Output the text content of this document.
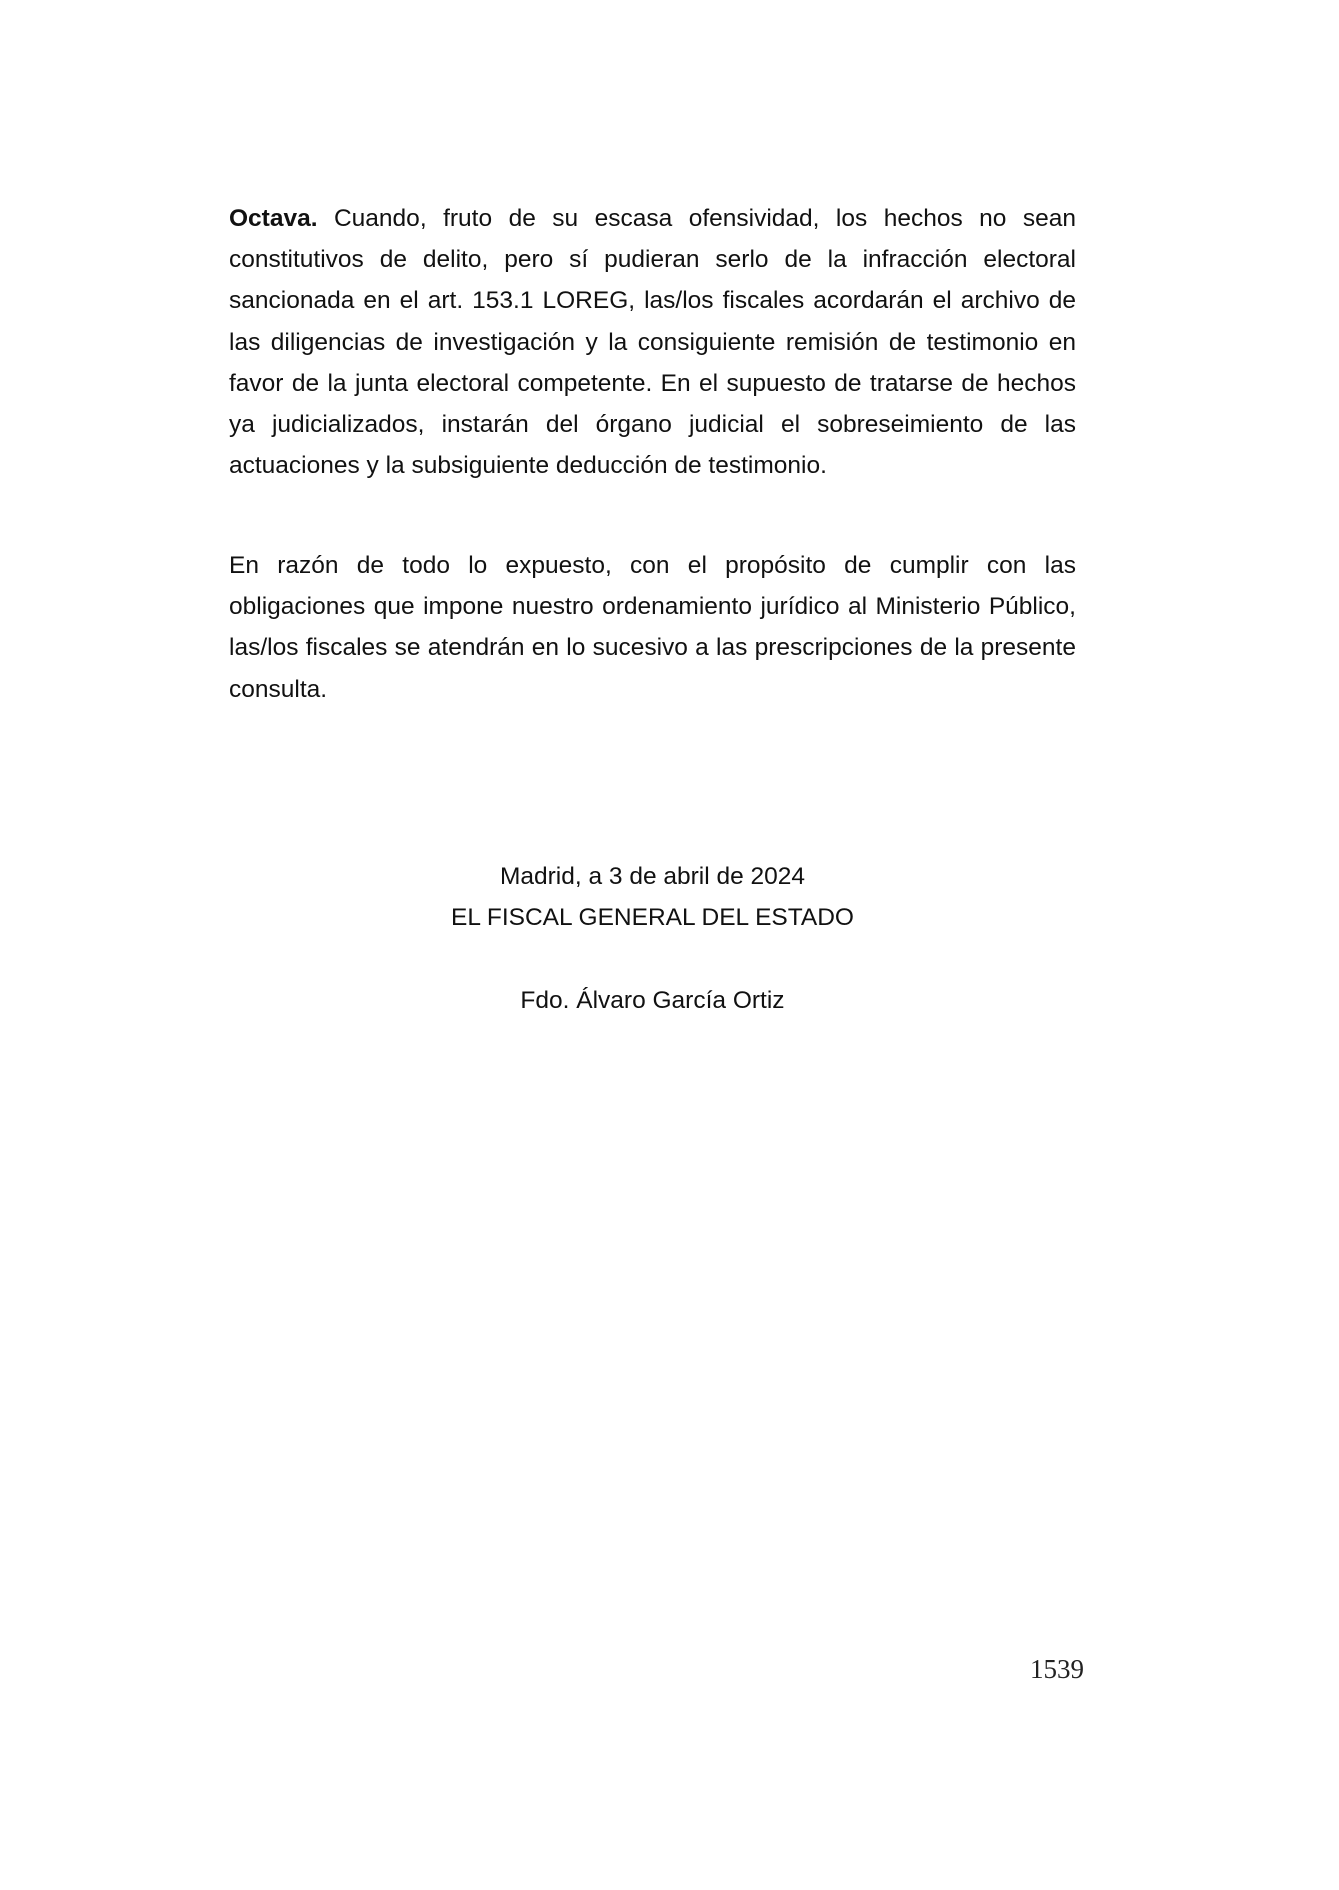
Octava. Cuando, fruto de su escasa ofensividad, los hechos no sean constitutivos de delito, pero sí pudieran serlo de la infracción electoral sancionada en el art. 153.1 LOREG, las/los fiscales acordarán el archivo de las diligencias de investigación y la consiguiente remisión de testimonio en favor de la junta electoral competente. En el supuesto de tratarse de hechos ya judicializados, instarán del órgano judicial el sobreseimiento de las actuaciones y la subsiguiente deducción de testimonio.

En razón de todo lo expuesto, con el propósito de cumplir con las obligaciones que impone nuestro ordenamiento jurídico al Ministerio Público, las/los fiscales se atendrán en lo sucesivo a las prescripciones de la presente consulta.

Madrid, a 3 de abril de 2024
EL FISCAL GENERAL DEL ESTADO
Fdo. Álvaro García Ortiz
1539
